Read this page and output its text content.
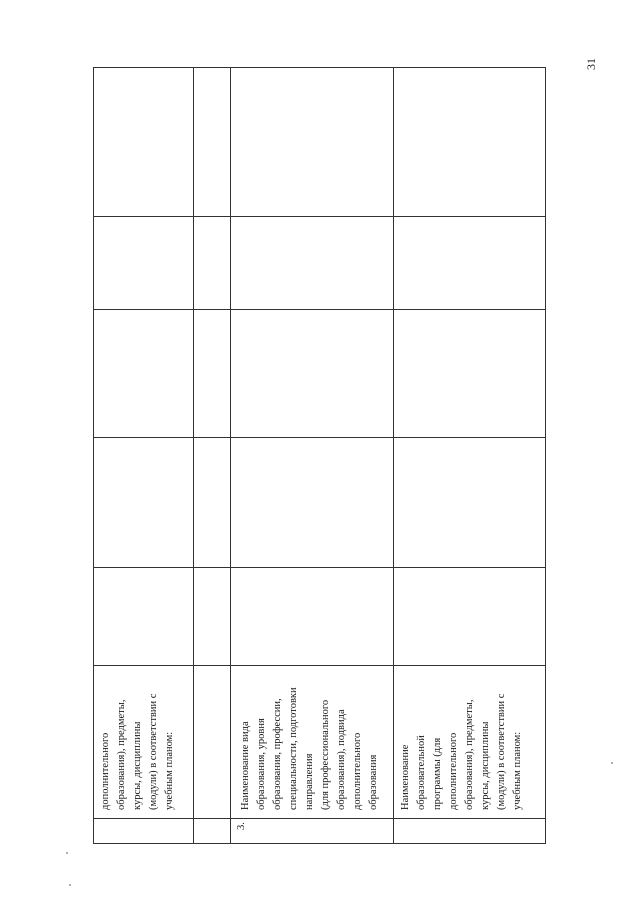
31
дополнительного образования), предметы, курсы, дисциплины (модули) в соответствии с учебным планом:
3.
Наименование вида образования, уровня образования, профессии, специальности, подготовки направления (для профессионального образования), подвида дополнительного образования Наименование образовательной программы (для дополнительного образования), предметы, курсы, дисциплины (модули) в соответствии с учебным планом:
